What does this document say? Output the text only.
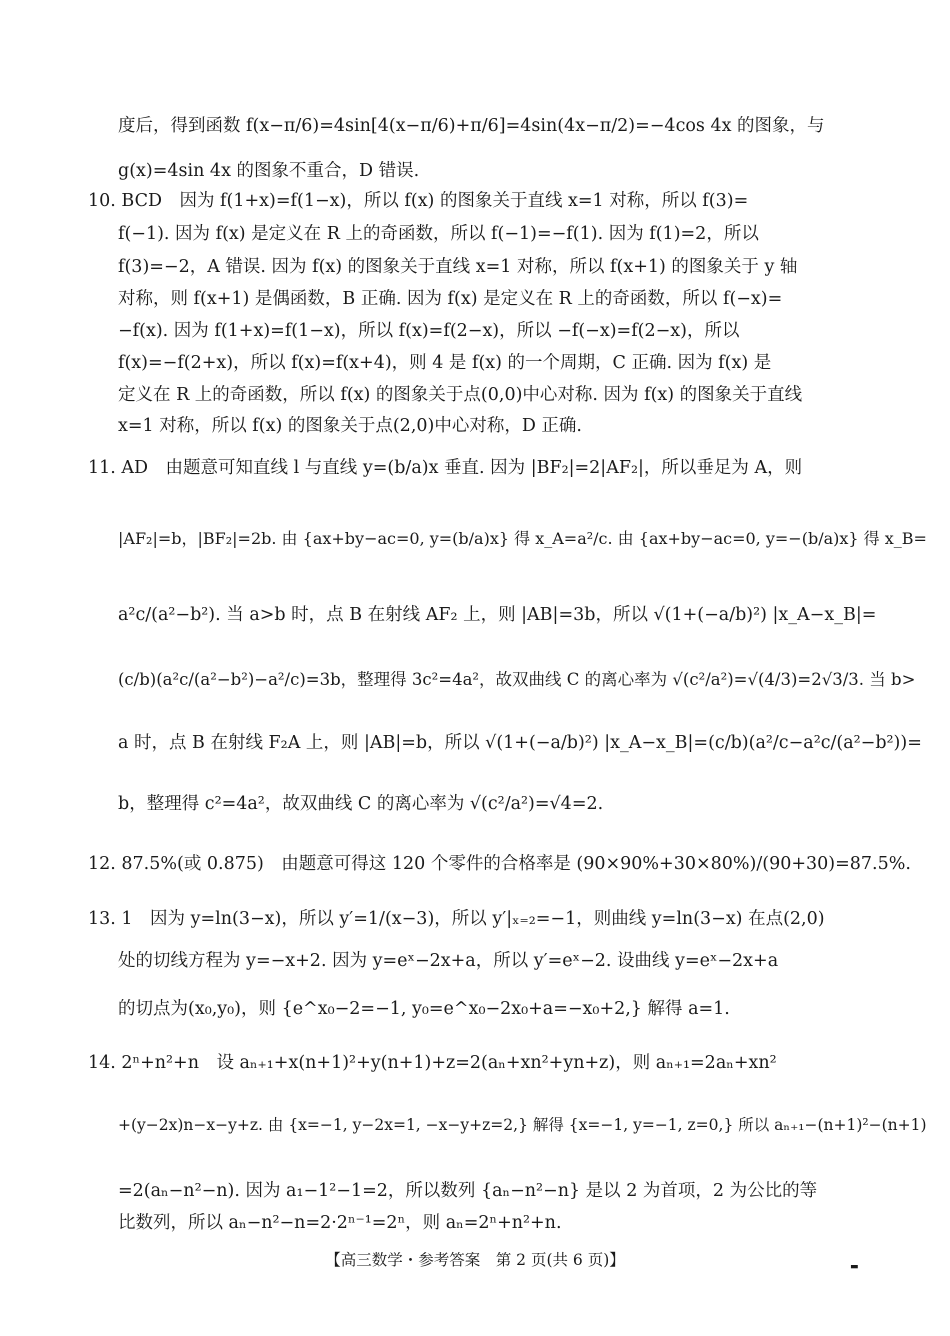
度后，得到函数 f(x−π/6)=4sin[4(x−π/6)+π/6]=4sin(4x−π/2)=−4cos 4x 的图象，与
g(x)=4sin 4x 的图象不重合，D 错误.
10. BCD　因为 f(1+x)=f(1−x)，所以 f(x) 的图象关于直线 x=1 对称，所以 f(3)=
f(−1). 因为 f(x) 是定义在 R 上的奇函数，所以 f(−1)=−f(1). 因为 f(1)=2，所以
f(3)=−2，A 错误. 因为 f(x) 的图象关于直线 x=1 对称，所以 f(x+1) 的图象关于 y 轴
对称，则 f(x+1) 是偶函数，B 正确. 因为 f(x) 是定义在 R 上的奇函数，所以 f(−x)=
−f(x). 因为 f(1+x)=f(1−x)，所以 f(x)=f(2−x)，所以 −f(−x)=f(2−x)，所以
f(x)=−f(2+x)，所以 f(x)=f(x+4)，则 4 是 f(x) 的一个周期，C 正确. 因为 f(x) 是
定义在 R 上的奇函数，所以 f(x) 的图象关于点(0,0)中心对称. 因为 f(x) 的图象关于直线
x=1 对称，所以 f(x) 的图象关于点(2,0)中心对称，D 正确.
11. AD　由题意可知直线 l 与直线 y=(b/a)x 垂直. 因为 |BF₂|=2|AF₂|，所以垂足为 A，则
|AF₂|=b，|BF₂|=2b. 由 {ax+by−ac=0, y=(b/a)x} 得 x_A=a²/c. 由 {ax+by−ac=0, y=−(b/a)x} 得 x_B=
a²c/(a²−b²). 当 a>b 时，点 B 在射线 AF₂ 上，则 |AB|=3b，所以 √(1+(−a/b)²) |x_A−x_B|=
(c/b)(a²c/(a²−b²)−a²/c)=3b，整理得 3c²=4a²，故双曲线 C 的离心率为 √(c²/a²)=√(4/3)=2√3/3. 当 b>
a 时，点 B 在射线 F₂A 上，则 |AB|=b，所以 √(1+(−a/b)²) |x_A−x_B|=(c/b)(a²/c−a²c/(a²−b²))=
b，整理得 c²=4a²，故双曲线 C 的离心率为 √(c²/a²)=√4=2.
12. 87.5%(或 0.875)　由题意可得这 120 个零件的合格率是 (90×90%+30×80%)/(90+30)=87.5%.
13. 1　因为 y=ln(3−x)，所以 y′=1/(x−3)，所以 y′|ₓ₌₂=−1，则曲线 y=ln(3−x) 在点(2,0)
处的切线方程为 y=−x+2. 因为 y=eˣ−2x+a，所以 y′=eˣ−2. 设曲线 y=eˣ−2x+a
的切点为(x₀,y₀)，则 {e^x₀−2=−1, y₀=e^x₀−2x₀+a=−x₀+2,} 解得 a=1.
14. 2ⁿ+n²+n　设 aₙ₊₁+x(n+1)²+y(n+1)+z=2(aₙ+xn²+yn+z)，则 aₙ₊₁=2aₙ+xn²
+(y−2x)n−x−y+z. 由 {x=−1, y−2x=1, −x−y+z=2,} 解得 {x=−1, y=−1, z=0,} 所以 aₙ₊₁−(n+1)²−(n+1)
=2(aₙ−n²−n). 因为 a₁−1²−1=2，所以数列 {aₙ−n²−n} 是以 2 为首项，2 为公比的等
比数列，所以 aₙ−n²−n=2·2ⁿ⁻¹=2ⁿ，则 aₙ=2ⁿ+n²+n.
【高三数学・参考答案　第 2 页(共 6 页)】	▬
